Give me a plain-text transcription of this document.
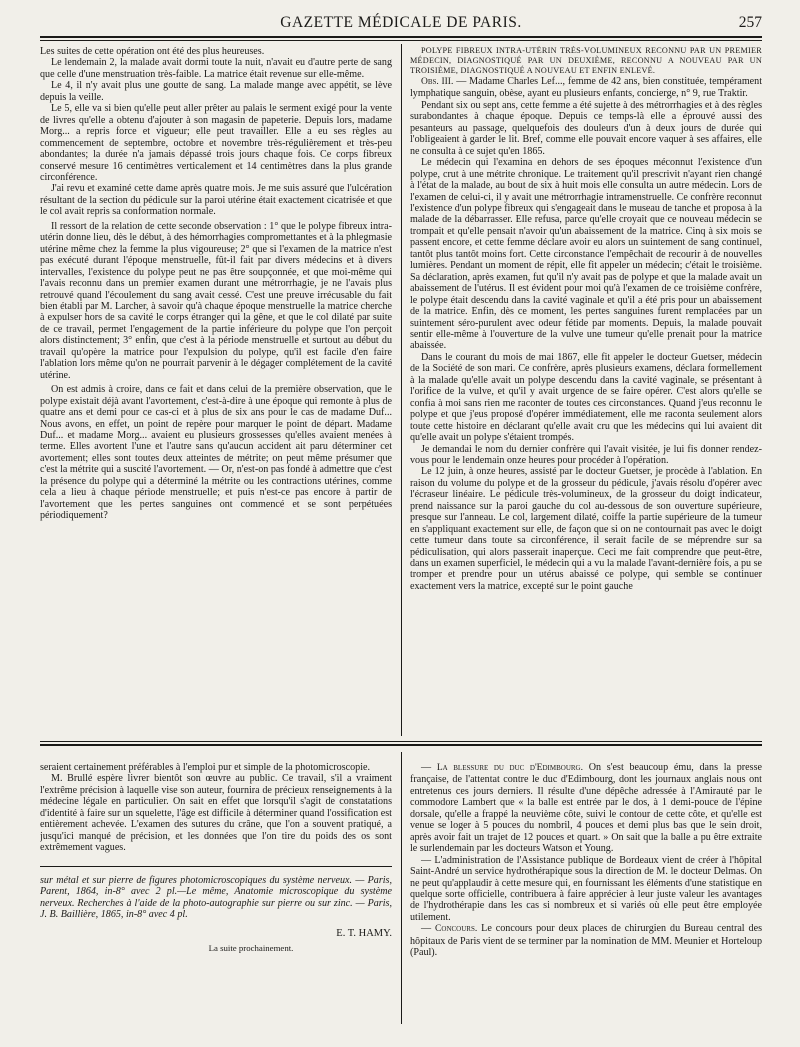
GAZETTE MÉDICALE DE PARIS.	257

Les suites de cette opération ont été des plus heureuses.

Le lendemain 2, la malade avait dormi toute la nuit, n'avait eu d'autre perte de sang que celle d'une menstruation très-faible. La matrice était revenue sur elle-même.

Le 4, il n'y avait plus une goutte de sang. La malade mange avec appétit, se lève depuis la veille.

Le 5, elle va si bien qu'elle peut aller prêter au palais le serment exigé pour la vente de livres qu'elle a obtenu d'ajouter à son magasin de papeterie. Depuis lors, madame Morg... a repris force et vigueur; elle peut travailler. Elle a eu ses règles au commencement de septembre, octobre et novembre très-régulièrement et très-peu abondantes; la durée n'a jamais dépassé trois jours chaque fois. Ce corps fibreux conservé mesure 16 centimètres verticalement et 14 centimètres dans la plus grande circonférence.

J'ai revu et examiné cette dame après quatre mois. Je me suis assuré que l'ulcération résultant de la section du pédicule sur la paroi utérine était exactement cicatrisée et que le col avait repris sa conformation normale.

Il ressort de la relation de cette seconde observation : 1° que le polype fibreux intra-utérin donne lieu, dès le début, à des hémorrhagies compromettantes et à la phlegmasie utérine même chez la femme la plus vigoureuse; 2° que si l'examen de la matrice n'est pas exécuté durant l'époque menstruelle, fût-il fait par divers médecins et à divers intervalles, l'existence du polype peut ne pas être soupçonnée, et que moi-même qui l'avais reconnu dans un premier examen durant une métrorrhagie, je ne l'avais plus retrouvé quand l'écoulement du sang avait cessé. C'est une preuve irrécusable du fait bien établi par M. Larcher, à savoir qu'à chaque époque menstruelle la matrice cherche à expulser hors de sa cavité le corps étranger qui la gêne, et que le col dilaté par suite de ce travail, permet l'engagement de la partie inférieure du polype que l'on perçoit alors distinctement; 3° enfin, que c'est à la période menstruelle et surtout au début du travail qu'opère la matrice pour l'expulsion du polype, qu'il est facile d'en faire l'ablation lors même qu'on ne pourrait parvenir à le dégager complétement de la cavité utérine.

On est admis à croire, dans ce fait et dans celui de la première observation, que le polype existait déjà avant l'avortement, c'est-à-dire à une époque qui remonte à plus de quatre ans et demi pour ce cas-ci et à plus de six ans pour le cas de madame Duf... Nous avons, en effet, un point de repère pour marquer le point de départ. Madame Duf... et madame Morg... avaient eu plusieurs grossesses qu'elles avaient menées à terme. Elles avortent l'une et l'autre sans qu'aucun accident ait paru déterminer cet avortement; elles sont toutes deux atteintes de métrite; on peut même présumer que c'est la métrite qui a suscité l'avortement. — Or, n'est-on pas fondé à admettre que c'est la présence du polype qui a déterminé la métrite ou les contractions utérines, comme cela a lieu à chaque période menstruelle; et puis n'est-ce pas encore à partir de l'avortement que les pertes sanguines ont commencé et se sont perpétuées périodiquement?

POLYPE FIBREUX INTRA-UTÉRIN TRÈS-VOLUMINEUX RECONNU PAR UN PREMIER MÉDECIN, DIAGNOSTIQUÉ PAR UN DEUXIÈME, RECONNU A NOUVEAU PAR UN TROISIÈME, DIAGNOSTIQUÉ A NOUVEAU ET ENFIN ENLEVÉ.

Obs. III. — Madame Charles Lef..., femme de 42 ans, bien constituée, tempérament lymphatique sanguin, obèse, ayant eu plusieurs enfants, concierge, n° 9, rue Traktir.

Pendant six ou sept ans, cette femme a été sujette à des métrorrhagies et à des règles surabondantes à chaque époque. Depuis ce temps-là elle a éprouvé aussi des pesanteurs au passage, quelquefois des douleurs d'un à deux jours de durée qui l'obligeaient à garder le lit. Bref, comme elle pouvait encore vaquer à ses affaires, elle ne consulta à ce sujet qu'en 1865.

Le médecin qui l'examina en dehors de ses époques méconnut l'existence d'un polype, crut à une métrite chronique. Le traitement qu'il prescrivit n'ayant rien changé à l'état de la malade, au bout de six à huit mois elle consulta un autre médecin. Lors de l'examen de celui-ci, il y avait une métrorrhagie intramenstruelle. Ce confrère reconnut l'existence d'un polype fibreux qui s'engageait dans le museau de tanche et proposa à la malade de la débarrasser. Elle refusa, parce qu'elle croyait que ce nouveau médecin se trompait et qu'elle pensait n'avoir qu'un abaissement de la matrice. Cinq à six mois se passent encore, et cette femme déclare avoir eu alors un suintement de sang continuel, tantôt plus tantôt moins fort. Cette circonstance l'empêchait de recourir à de nouvelles lumières. Pendant un moment de répit, elle fit appeler un médecin; c'était le troisième. Sa déclaration, après examen, fut qu'il n'y avait pas de polype et que la malade avait un abaissement de l'utérus. Il est évident pour moi qu'à l'examen de ce troisième confrère, le polype était descendu dans la cavité vaginale et qu'il a été pris pour un abaissement de la matrice. Enfin, dès ce moment, les pertes sanguines furent remplacées par un suintement séro-purulent avec odeur fétide par moments. Depuis, la malade pouvait sentir elle-même à l'ouverture de la vulve une tumeur qu'elle prenait pour la matrice abaissée.

Dans le courant du mois de mai 1867, elle fit appeler le docteur Guetser, médecin de la Société de son mari. Ce confrère, après plusieurs examens, déclara formellement à la malade qu'elle avait un polype descendu dans la cavité vaginale, se présentant à l'orifice de la vulve, et qu'il y avait urgence de se faire opérer. C'est alors qu'elle se confia à moi sans rien me raconter de toutes ces circonstances. Quand j'eus reconnu le polype et que j'eus proposé d'opérer immédiatement, elle me raconta seulement alors toute cette histoire en déclarant qu'elle avait cru que les médecins qui lui avaient dit qu'elle avait un polype s'étaient trompés.

Je demandai le nom du dernier confrère qui l'avait visitée, je lui fis donner rendez-vous pour le lendemain onze heures pour procéder à l'opération.

Le 12 juin, à onze heures, assisté par le docteur Guetser, je procède à l'ablation. En raison du volume du polype et de la grosseur du pédicule, j'avais résolu d'opérer avec l'écraseur linéaire. Le pédicule très-volumineux, de la grosseur du doigt indicateur, prend naissance sur la paroi gauche du col au-dessous de son ouverture supérieure, presque sur l'anneau. Le col, largement dilaté, coiffe la partie supérieure de la tumeur en s'appliquant exactement sur elle, de façon que si on ne contournait pas avec le doigt cette tumeur dans toute sa circonférence, il serait facile de se méprendre sur sa pédiculisation, qui alors passerait inaperçue. Ceci me fait comprendre que peut-être, dans un examen superficiel, le médecin qui a vu la malade l'avant-dernière fois, a pu se tromper et prendre pour un utérus abaissé ce polype, qui semble se continuer exactement vers la matrice, excepté sur le point gauche

seraient certainement préférables à l'emploi pur et simple de la photomicroscopie.

M. Brullé espère livrer bientôt son œuvre au public. Ce travail, s'il a vraiment l'extrême précision à laquelle vise son auteur, fournira de précieux renseignements à la médecine légale en particulier. On sait en effet que lorsqu'il s'agit de constatations d'identité à faire sur un squelette, l'âge est difficile à déterminer quand l'ossification est entièrement achevée. L'examen des sutures du crâne, que l'on a souvent pratiqué, a jusqu'ici manqué de précision, et les données que l'on tire du poids des os sont extrêmement vagues.

sur métal et sur pierre de figures photomicroscopiques du système nerveux. — Paris, Parent, 1864, in-8° avec 2 pl.—Le même, Anatomie microscopique du système nerveux. Recherches à l'aide de la photo-autographie sur pierre ou sur zinc. — Paris, J. B. Baillière, 1865, in-8° avec 4 pl.

E. T. HAMY.
La suite prochainement.

— La blessure du duc d'Edimbourg. On s'est beaucoup ému, dans la presse française, de l'attentat contre le duc d'Edimbourg, dont les journaux anglais nous ont entretenus ces jours derniers. Il résulte d'une dépêche adressée à l'Amirauté par le commodore Lambert que « la balle est entrée par le dos, à 1 demi-pouce de l'épine dorsale, qu'elle a frappé la neuvième côte, suivi le contour de cette côte, et qu'elle est venue se loger à 5 pouces du nombril, 4 pouces et demi plus bas que le sein droit, après avoir fait un trajet de 12 pouces et quart. » On sait que la balle a pu être extraite le surlendemain par les docteurs Watson et Young.

— L'administration de l'Assistance publique de Bordeaux vient de créer à l'hôpital Saint-André un service hydrothérapique sous la direction de M. le docteur Delmas. On ne peut qu'applaudir à cette mesure qui, en fournissant les éléments d'une statistique en quelque sorte officielle, contribuera à faire apprécier à leur juste valeur les avantages de l'hydrothérapie dans les cas si nombreux et si variés où elle peut être employée utilement.

— Concours. Le concours pour deux places de chirurgien du Bureau central des hôpitaux de Paris vient de se terminer par la nomination de MM. Meunier et Horteloup (Paul).
